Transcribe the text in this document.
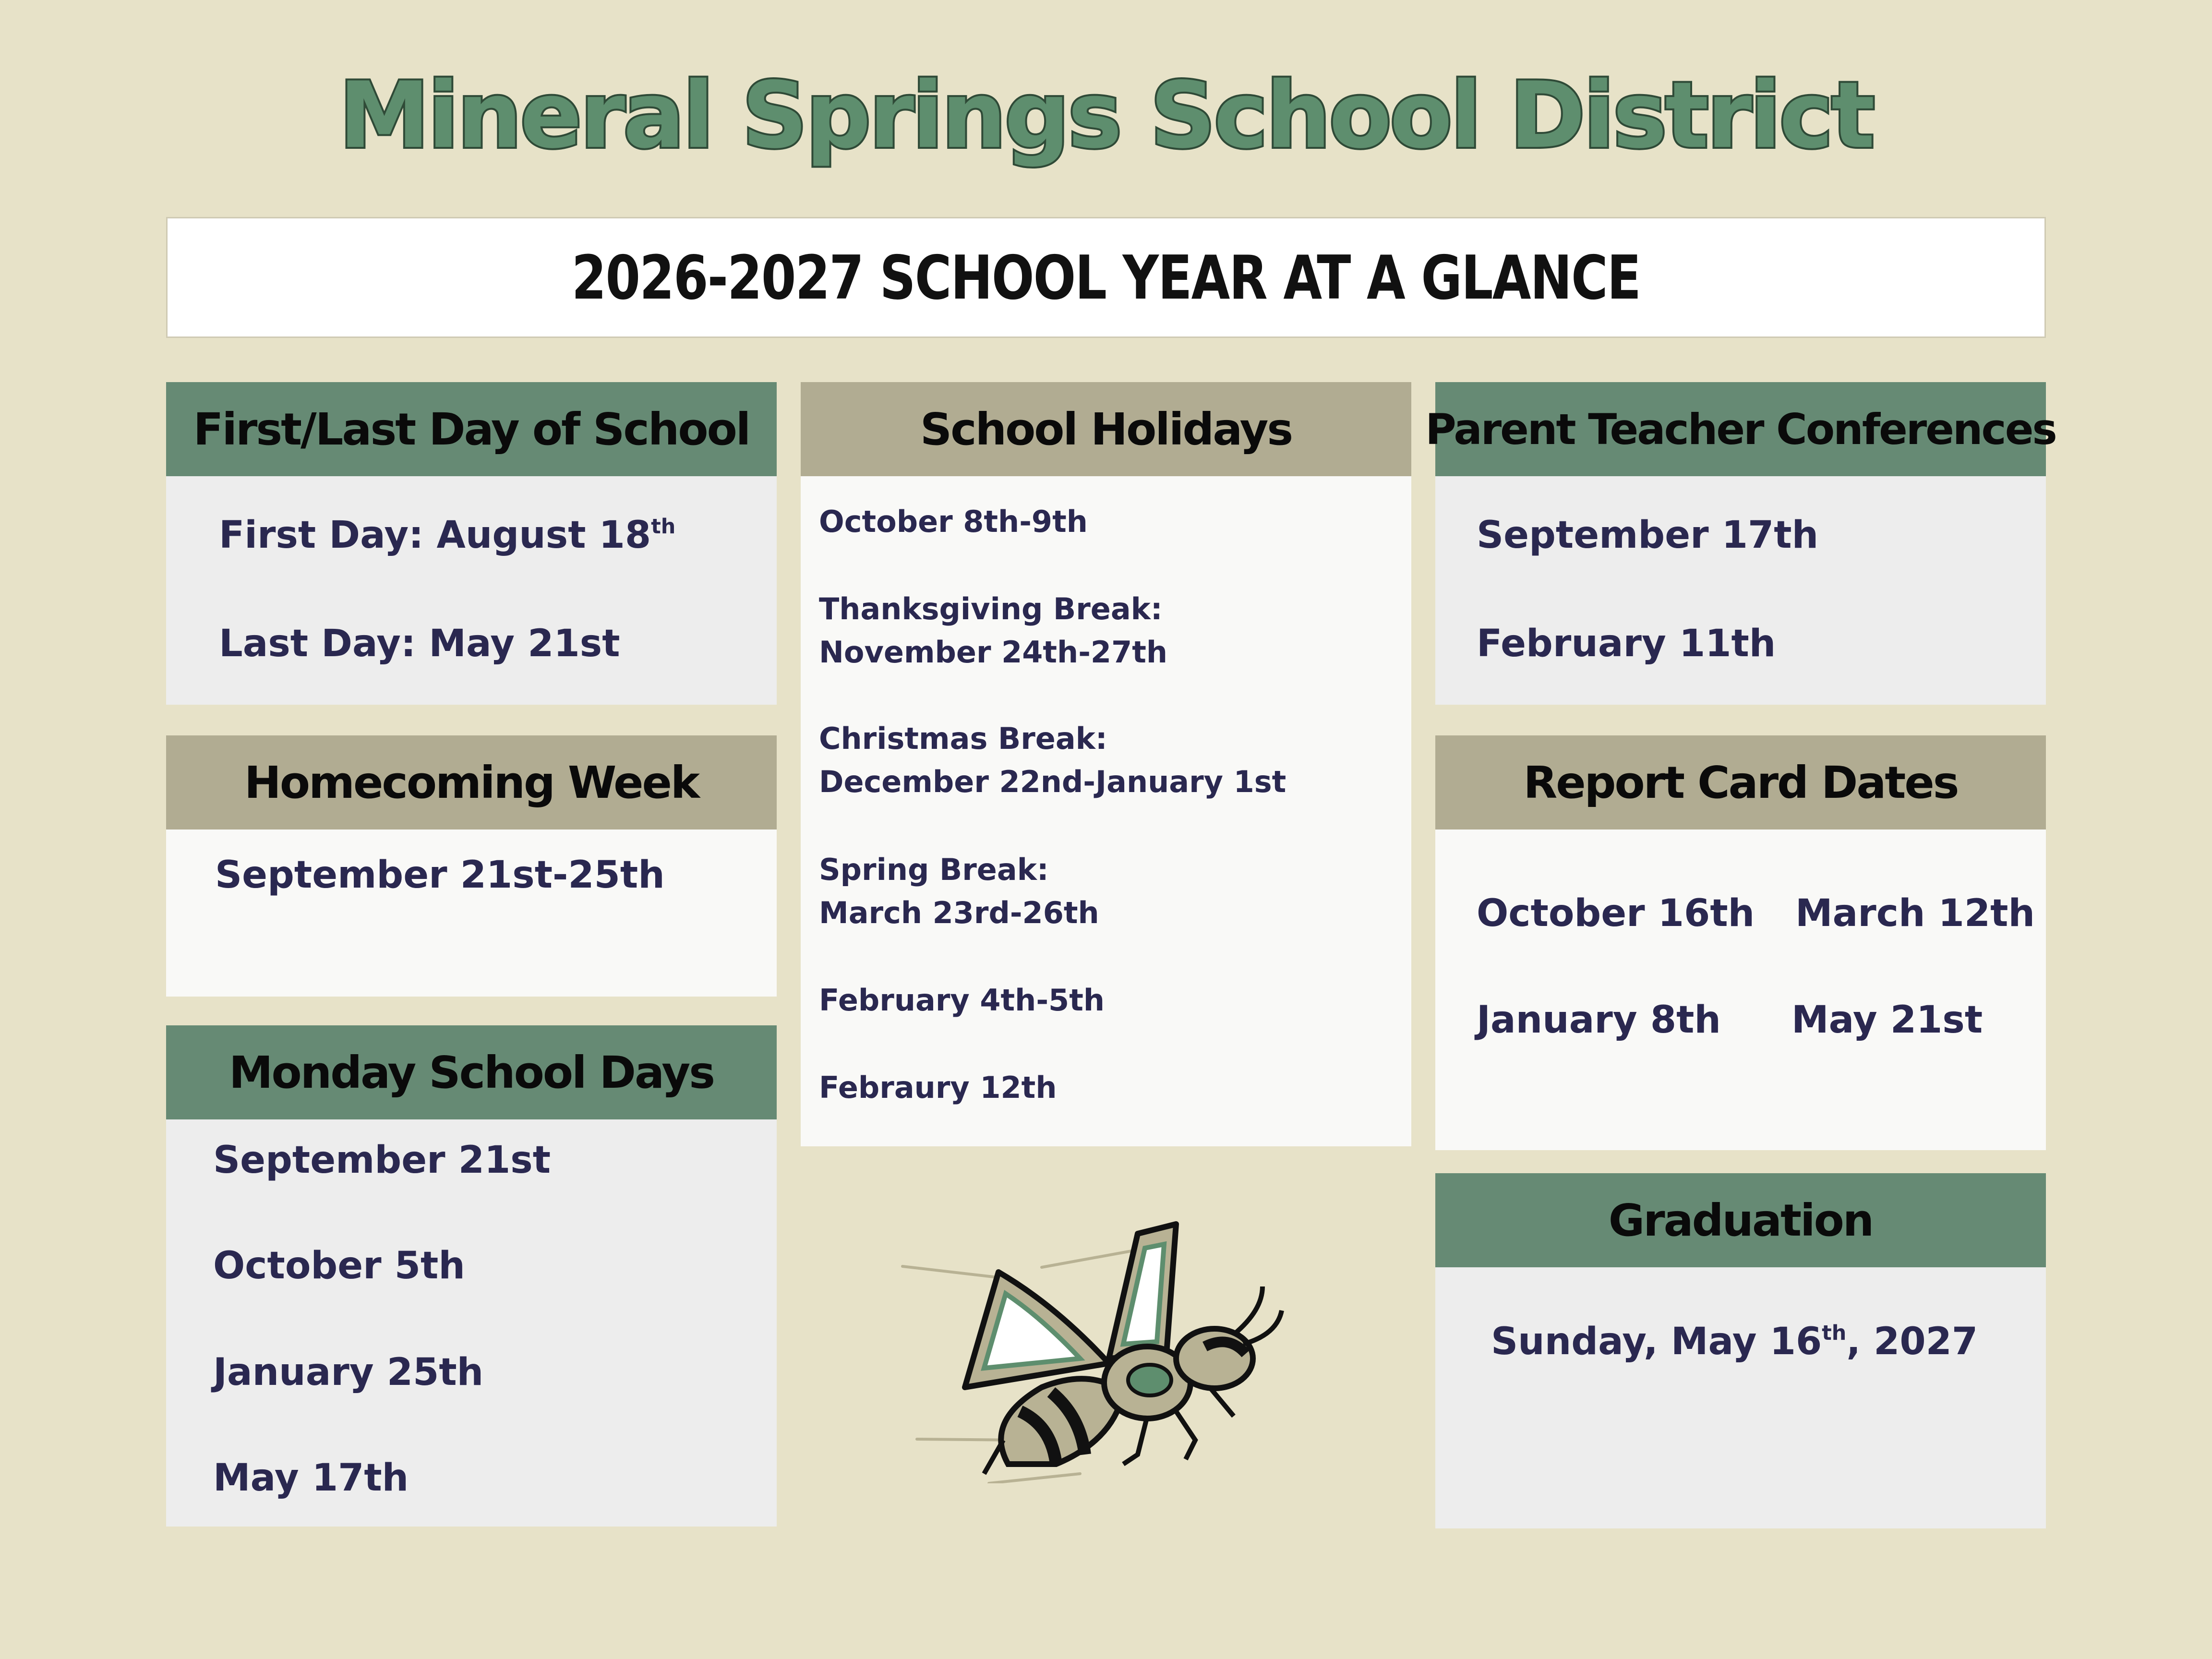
Mineral Springs School District
2026-2027 SCHOOL YEAR AT A GLANCE
First/Last Day of School
First Day: August 18th
Last Day: May 21st
Homecoming Week
September 21st-25th
Monday School Days
September 21st
October 5th
January 25th
May 17th
School Holidays
October 8th-9th
Thanksgiving Break:
November 24th-27th
Christmas Break:
December 22nd-January 1st
Spring Break:
March 23rd-26th
February 4th-5th
Febraury 12th
Parent Teacher Conferences
September 17th
February 11th
Report Card Dates
October 16th March 12th
January 8th May 21st
Graduation
Sunday, May 16th, 2027
